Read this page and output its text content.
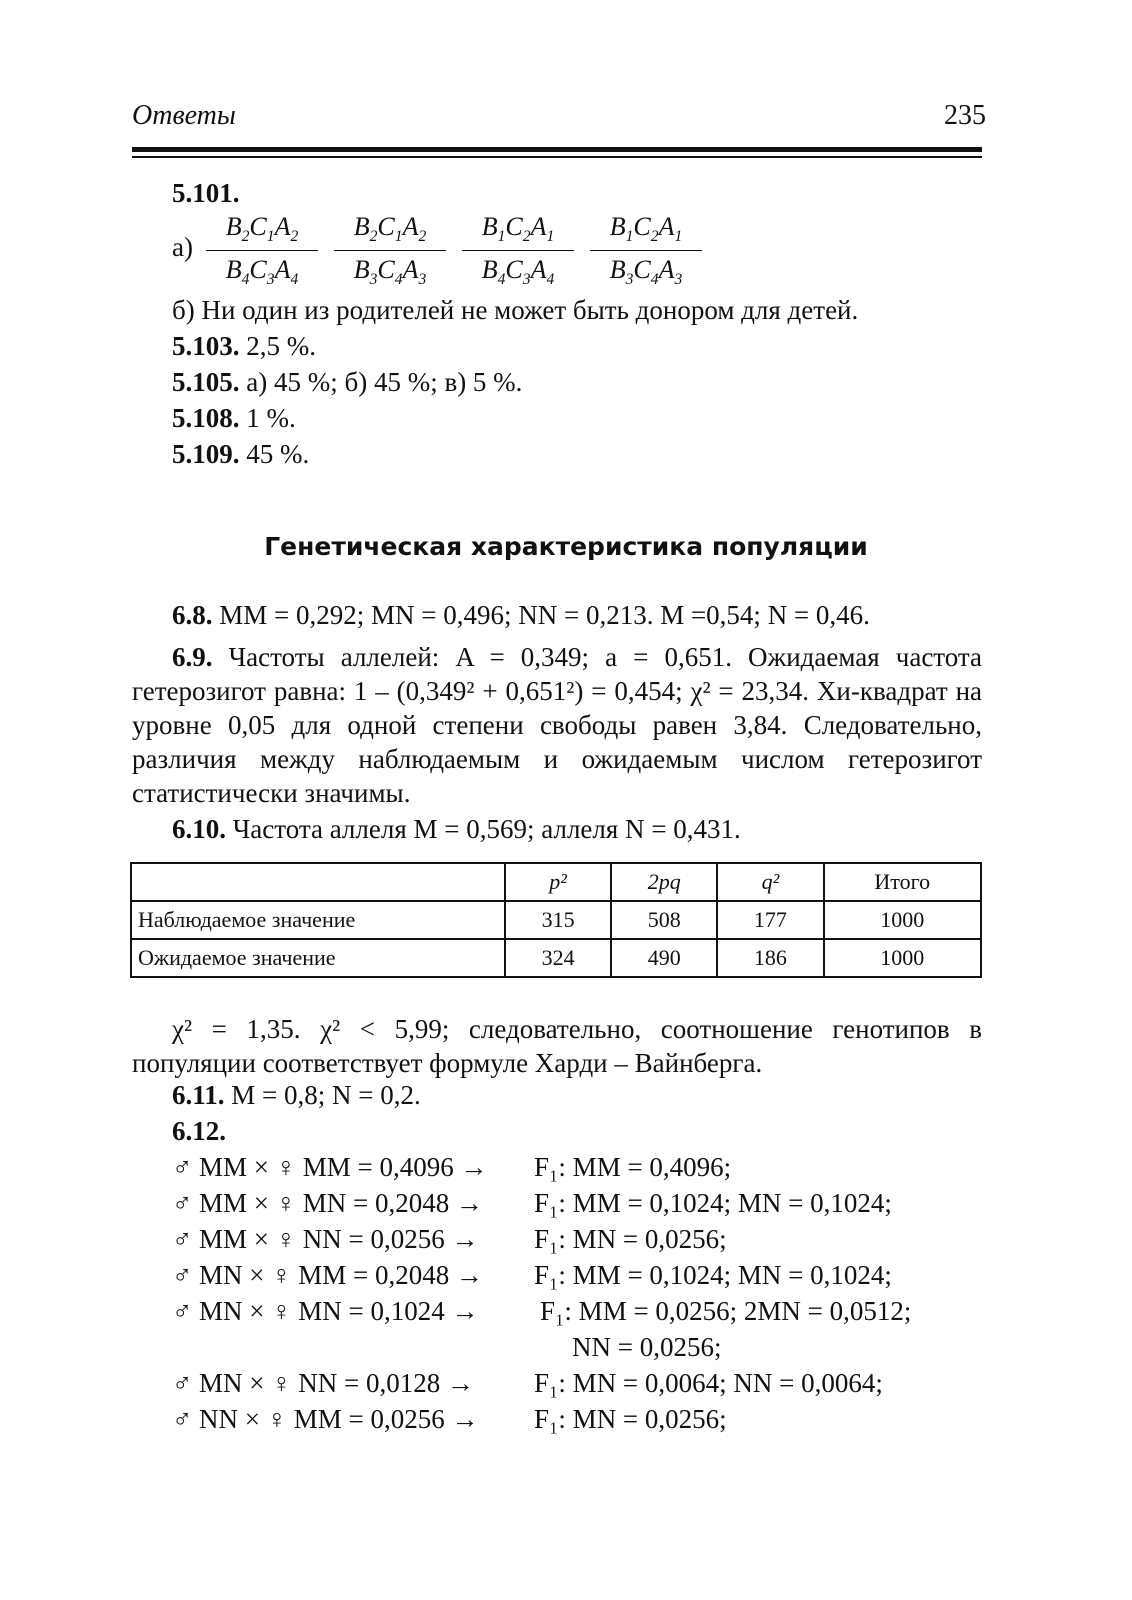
Ответы	235
5.101.
$а) \frac{B_2C_1A_2}{B_4C_3A_4} \frac{B_2C_1A_2}{B_3C_4A_3} \frac{B_1C_2A_1}{B_4C_3A_4} \frac{B_1C_2A_1}{B_3C_4A_3}$
б) Ни один из родителей не может быть донором для детей.
5.103. 2,5 %.
5.105. а) 45 %; б) 45 %; в) 5 %.
5.108. 1 %.
5.109. 45 %.
Генетическая характеристика популяции
6.8. MM = 0,292; MN = 0,496; NN = 0,213. M =0,54; N = 0,46.
6.9. Частоты аллелей: A = 0,349; a = 0,651. Ожидаемая частота гетерозигот равна: 1 – (0,349² + 0,651²) = 0,454; χ² = 23,34. Хи-квадрат на уровне 0,05 для одной степени свободы равен 3,84. Следовательно, различия между наблюдаемым и ожидаемым числом гетерозигот статистически значимы.
6.10. Частота аллеля M = 0,569; аллеля N = 0,431.
	p²	2pq	q²	Итого
Наблюдаемое значение	315	508	177	1000
Ожидаемое значение	324	490	186	1000
χ² = 1,35. χ² < 5,99; следовательно, соотношение генотипов в популяции соответствует формуле Харди – Вайнберга.
6.11. M = 0,8; N = 0,2.
6.12.
♂ MM × ♀ MM = 0,4096 → F₁: MM = 0,4096;
♂ MM × ♀ MN = 0,2048 → F₁: MM = 0,1024; MN = 0,1024;
♂ MM × ♀ NN = 0,0256 → F₁: MN = 0,0256;
♂ MN × ♀ MM = 0,2048 → F₁: MM = 0,1024; MN = 0,1024;
♂ MN × ♀ MN = 0,1024 → F₁: MM = 0,0256; 2MN = 0,0512;
NN = 0,0256;
♂ MN × ♀ NN = 0,0128 → F₁: MN = 0,0064; NN = 0,0064;
♂ NN × ♀ MM = 0,0256 → F₁: MN = 0,0256;
